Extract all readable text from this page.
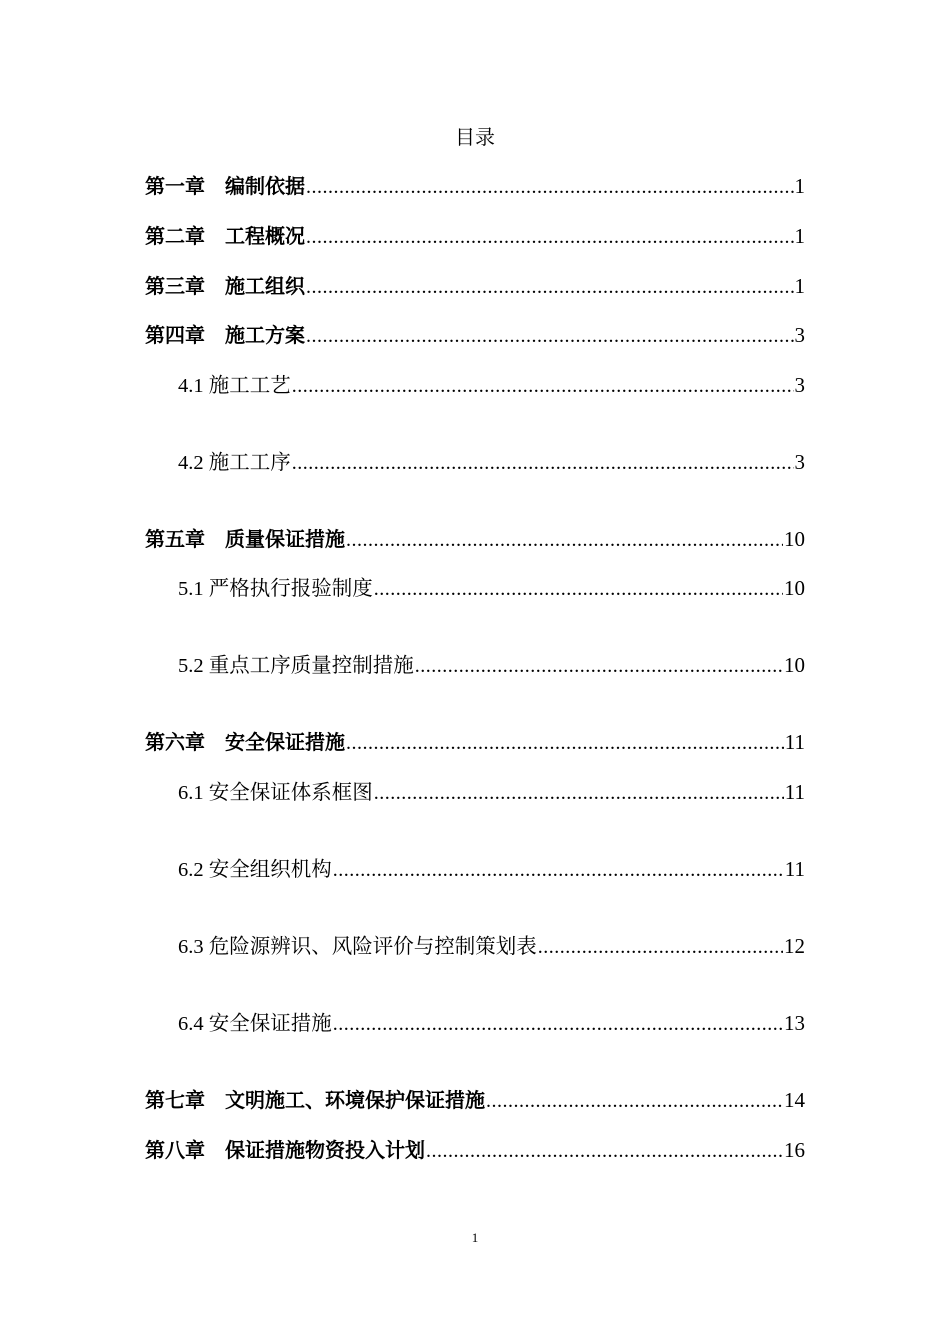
目录
第一章　编制依据 .....	1
第二章　工程概况 .....	1
第三章　施工组织 .....	1
第四章　施工方案 .....	3
4.1 施工工艺 .....	3
4.2 施工工序 .....	3
第五章　质量保证措施 .....	10
5.1 严格执行报验制度 .....	10
5.2 重点工序质量控制措施 .....	10
第六章　安全保证措施 .....	11
6.1 安全保证体系框图 .....	11
6.2 安全组织机构 .....	11
6.3 危险源辨识、风险评价与控制策划表 .....	12
6.4 安全保证措施 .....	13
第七章　文明施工、环境保护保证措施 .....	14
第八章　保证措施物资投入计划 .....	16
1
